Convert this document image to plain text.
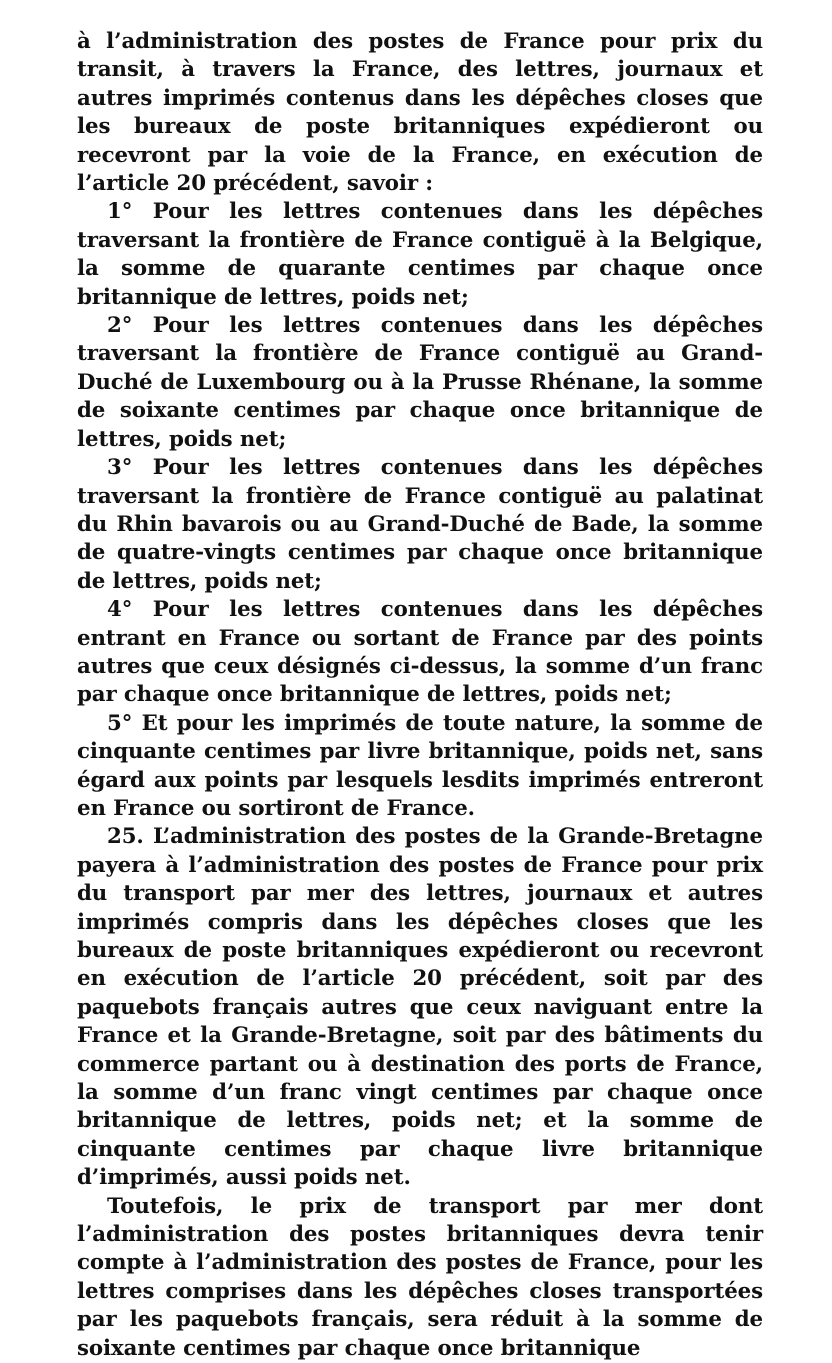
à l’administration des postes de France pour prix du transit, à travers la France, des lettres, journaux et autres imprimés contenus dans les dépêches closes que les bureaux de poste britanniques expédieront ou recevront par la voie de la France, en exécution de l’article 20 précédent, savoir :

1° Pour les lettres contenues dans les dépêches traversant la frontière de France contiguë à la Belgique, la somme de quarante centimes par chaque once britannique de lettres, poids net;

2° Pour les lettres contenues dans les dépêches traversant la frontière de France contiguë au Grand-Duché de Luxembourg ou à la Prusse Rhénane, la somme de soixante centimes par chaque once britannique de lettres, poids net;

3° Pour les lettres contenues dans les dépêches traversant la frontière de France contiguë au palatinat du Rhin bavarois ou au Grand-Duché de Bade, la somme de quatre-vingts centimes par chaque once britannique de lettres, poids net;

4° Pour les lettres contenues dans les dépêches entrant en France ou sortant de France par des points autres que ceux désignés ci-dessus, la somme d’un franc par chaque once britannique de lettres, poids net;

5° Et pour les imprimés de toute nature, la somme de cinquante centimes par livre britannique, poids net, sans égard aux points par lesquels lesdits imprimés entreront en France ou sortiront de France.

25. L’administration des postes de la Grande-Bretagne payera à l’administration des postes de France pour prix du transport par mer des lettres, journaux et autres imprimés compris dans les dépêches closes que les bureaux de poste britanniques expédieront ou recevront en exécution de l’article 20 précédent, soit par des paquebots français autres que ceux naviguant entre la France et la Grande-Bretagne, soit par des bâtiments du commerce partant ou à destination des ports de France, la somme d’un franc vingt centimes par chaque once britannique de lettres, poids net; et la somme de cinquante centimes par chaque livre britannique d’imprimés, aussi poids net.

Toutefois, le prix de transport par mer dont l’administration des postes britanniques devra tenir compte à l’administration des postes de France, pour les lettres comprises dans les dépêches closes transportées par les paquebots français, sera réduit à la somme de soixante centimes par chaque once britannique
